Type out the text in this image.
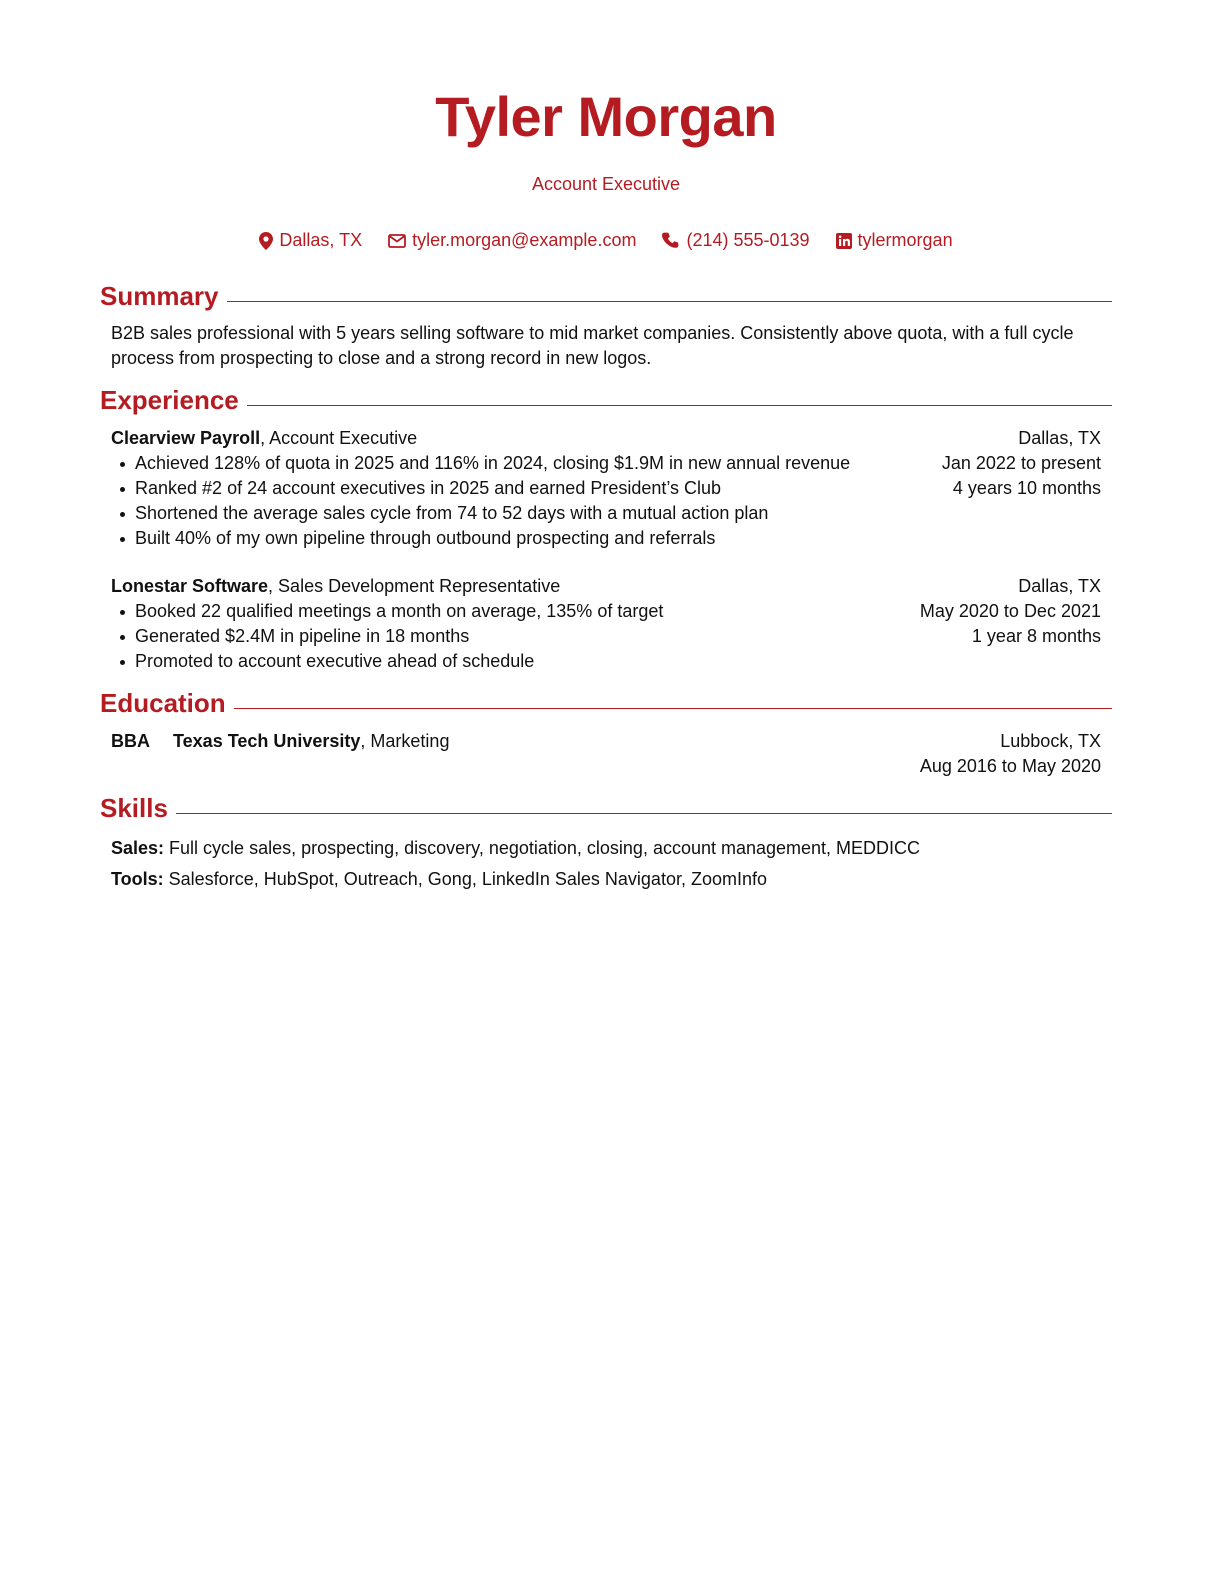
Tyler Morgan
Account Executive
Dallas, TX	tyler.morgan@example.com	(214) 555-0139	tylermorgan
Summary
B2B sales professional with 5 years selling software to mid market companies. Consistently above quota, with a full cycle process from prospecting to close and a strong record in new logos.
Experience
Clearview Payroll, Account Executive	Dallas, TX
Jan 2022 to present
4 years 10 months
Achieved 128% of quota in 2025 and 116% in 2024, closing $1.9M in new annual revenue
Ranked #2 of 24 account executives in 2025 and earned President’s Club
Shortened the average sales cycle from 74 to 52 days with a mutual action plan
Built 40% of my own pipeline through outbound prospecting and referrals
Lonestar Software, Sales Development Representative	Dallas, TX
May 2020 to Dec 2021
1 year 8 months
Booked 22 qualified meetings a month on average, 135% of target
Generated $2.4M in pipeline in 18 months
Promoted to account executive ahead of schedule
Education
BBA Texas Tech University, Marketing	Lubbock, TX
Aug 2016 to May 2020
Skills
Sales: Full cycle sales, prospecting, discovery, negotiation, closing, account management, MEDDICC
Tools: Salesforce, HubSpot, Outreach, Gong, LinkedIn Sales Navigator, ZoomInfo
